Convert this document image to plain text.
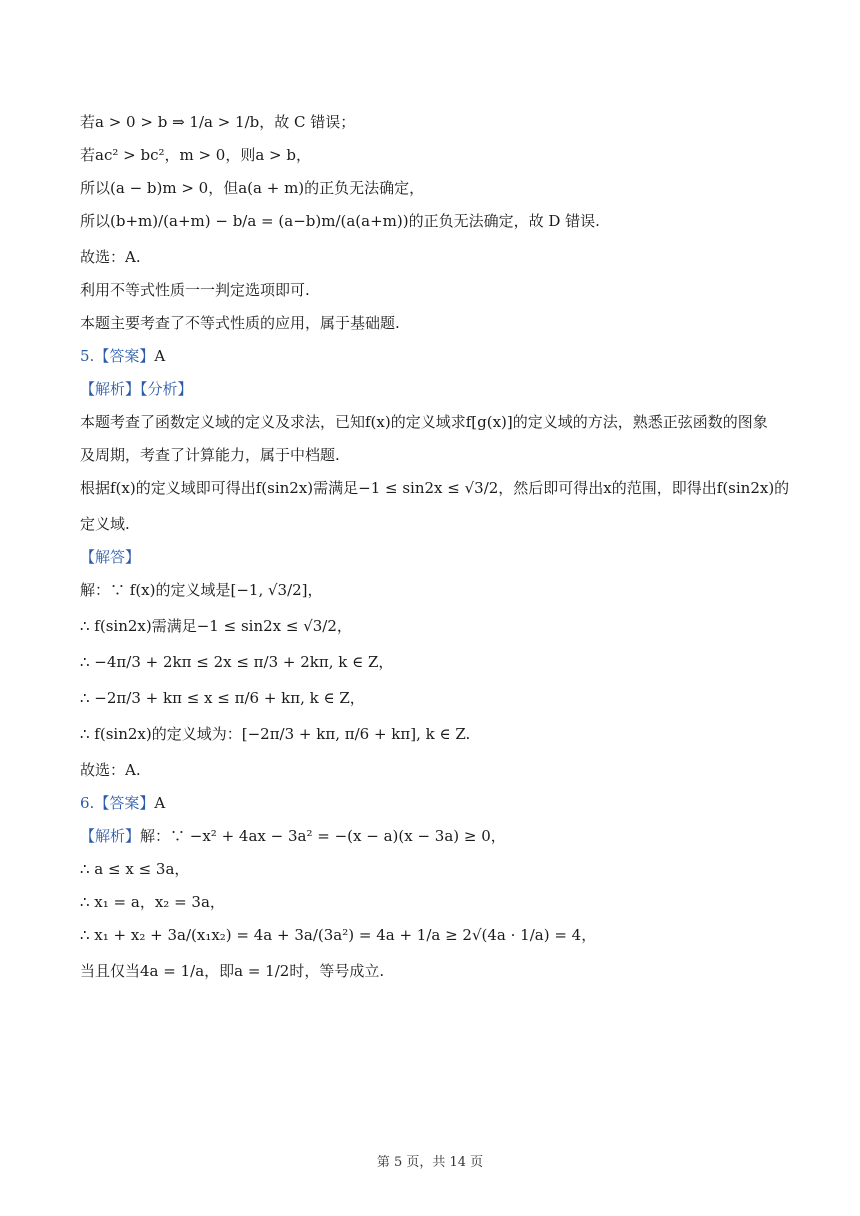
若a > 0 > b ⇒ 1/a > 1/b，故 C 错误；
若ac² > bc²，m > 0，则a > b，
所以(a − b)m > 0，但a(a + m)的正负无法确定，
所以(b+m)/(a+m) − b/a = (a−b)m/(a(a+m))的正负无法确定，故 D 错误.
故选：A.
利用不等式性质一一判定选项即可.
本题主要考查了不等式性质的应用，属于基础题.
5.【答案】A
【解析】【分析】
本题考查了函数定义域的定义及求法，已知f(x)的定义域求f[g(x)]的定义域的方法，熟悉正弦函数的图象
及周期，考查了计算能力，属于中档题.
根据f(x)的定义域即可得出f(sin2x)需满足−1 ≤ sin2x ≤ √3/2，然后即可得出x的范围，即得出f(sin2x)的
定义域.
【解答】
解：∵ f(x)的定义域是[−1, √3/2]，
∴ f(sin2x)需满足−1 ≤ sin2x ≤ √3/2，
∴ −4π/3 + 2kπ ≤ 2x ≤ π/3 + 2kπ, k ∈ Z，
∴ −2π/3 + kπ ≤ x ≤ π/6 + kπ, k ∈ Z，
∴ f(sin2x)的定义域为：[−2π/3 + kπ, π/6 + kπ], k ∈ Z.
故选：A.
6.【答案】A
【解析】解：∵ −x² + 4ax − 3a² = −(x − a)(x − 3a) ≥ 0，
∴ a ≤ x ≤ 3a，
∴ x₁ = a，x₂ = 3a，
∴ x₁ + x₂ + 3a/(x₁x₂) = 4a + 3a/(3a²) = 4a + 1/a ≥ 2√(4a · 1/a) = 4，
当且仅当4a = 1/a，即a = 1/2时，等号成立.
第 5 页，共 14 页
